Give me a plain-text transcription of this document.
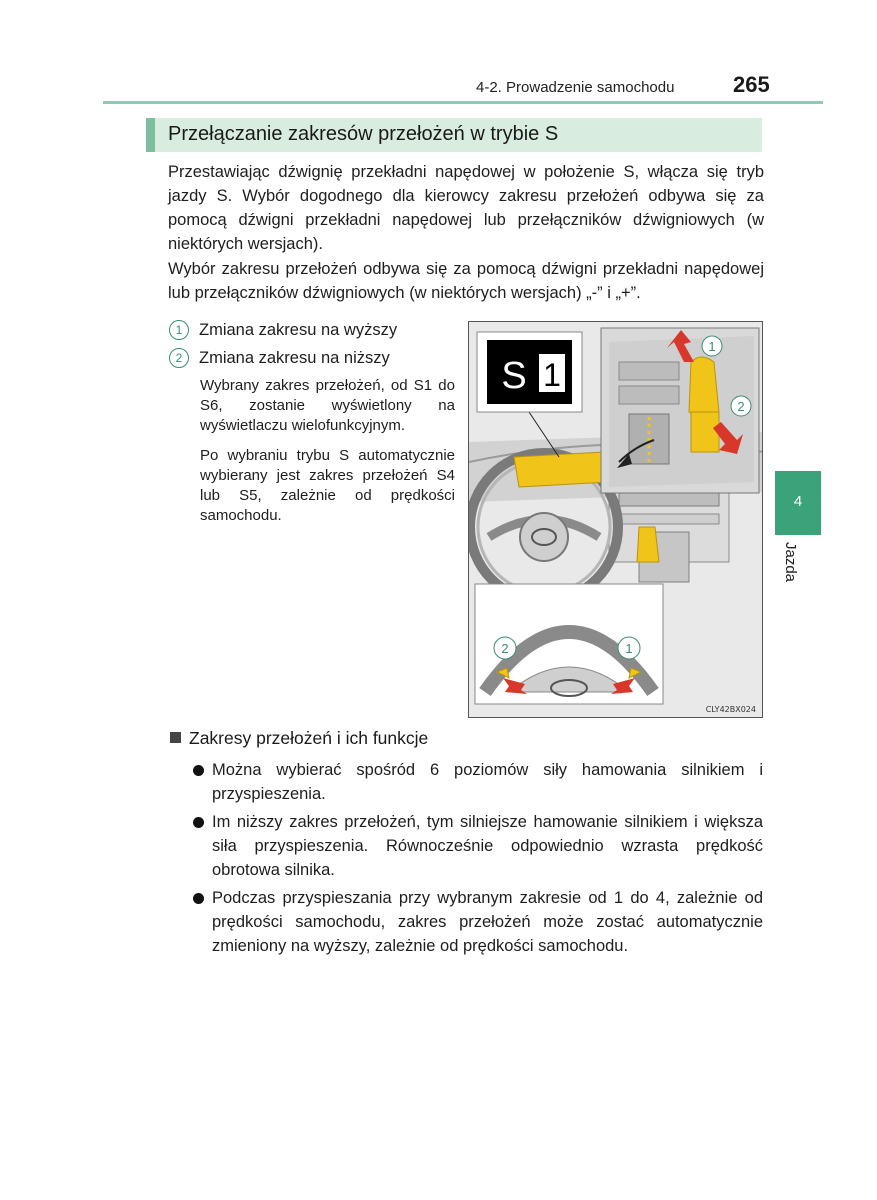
4-2. Prowadzenie samochodu	265
Przełączanie zakresów przełożeń w trybie S

Przestawiając dźwignię przekładni napędowej w położenie S, włącza się tryb jazdy S. Wybór dogodnego dla kierowcy zakresu przełożeń odbywa się za pomocą dźwigni przekładni napędowej lub przełączników dźwigniowych (w niektórych wersjach).

Wybór zakresu przełożeń odbywa się za pomocą dźwigni przekładni napędowej lub przełączników dźwigniowych (w niektórych wersjach) „-” i „+”.

1	Zmiana zakresu na wyższy
2	Zmiana zakresu na niższy

Wybrany zakres przełożeń, od S1 do S6, zostanie wyświetlony na wyświetlaczu wielofunkcyjnym.

Po wybraniu trybu S automatycznie wybierany jest zakres przełożeń S4 lub S5, zależnie od prędkości samochodu.

S 1
1
2
2	1
CLY42BX024
4
Jazda
Zakresy przełożeń i ich funkcje
Można wybierać spośród 6 poziomów siły hamowania silnikiem i przyspieszenia.
Im niższy zakres przełożeń, tym silniejsze hamowanie silnikiem i większa siła przyspieszenia. Równocześnie odpowiednio wzrasta prędkość obrotowa silnika.
Podczas przyspieszania przy wybranym zakresie od 1 do 4, zależnie od prędkości samochodu, zakres przełożeń może zostać automatycznie zmieniony na wyższy, zależnie od prędkości samochodu.
